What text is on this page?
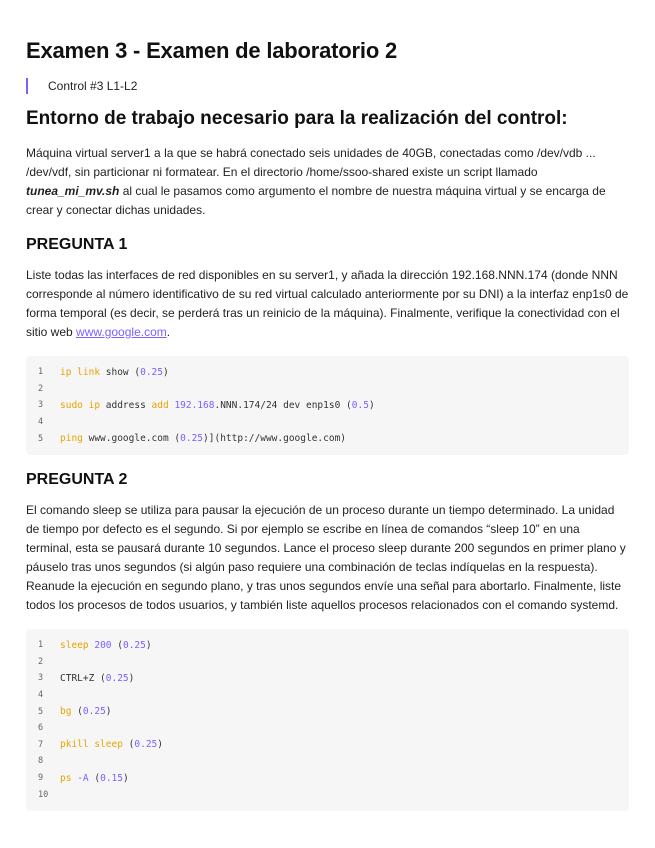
Examen 3 - Examen de laboratorio 2
Control #3 L1-L2
Entorno de trabajo necesario para la realización del control:

Máquina virtual server1 a la que se habrá conectado seis unidades de 40GB, conectadas como /dev/vdb ... /dev/vdf, sin particionar ni formatear. En el directorio /home/ssoo-shared existe un script llamado tunea_mi_mv.sh al cual le pasamos como argumento el nombre de nuestra máquina virtual y se encarga de crear y conectar dichas unidades.

PREGUNTA 1

Liste todas las interfaces de red disponibles en su server1, y añada la dirección 192.168.NNN.174 (donde NNN corresponde al número identificativo de su red virtual calculado anteriormente por su DNI) a la interfaz enp1s0 de forma temporal (es decir, se perderá tras un reinicio de la máquina). Finalmente, verifique la conectividad con el sitio web www.google.com.

1	ip link show (0.25)
2
3	sudo ip address add 192.168.NNN.174/24 dev enp1s0 (0.5)
4
5	ping www.google.com (0.25)](http://www.google.com)
PREGUNTA 2

El comando sleep se utiliza para pausar la ejecución de un proceso durante un tiempo determinado. La unidad de tiempo por defecto es el segundo. Si por ejemplo se escribe en línea de comandos “sleep 10” en una terminal, esta se pausará durante 10 segundos. Lance el proceso sleep durante 200 segundos en primer plano y páuselo tras unos segundos (si algún paso requiere una combinación de teclas indíquelas en la respuesta). Reanude la ejecución en segundo plano, y tras unos segundos envíe una señal para abortarlo. Finalmente, liste todos los procesos de todos usuarios, y también liste aquellos procesos relacionados con el comando systemd.

1	sleep 200 (0.25)
2
3	CTRL+Z (0.25)
4
5	bg (0.25)
6
7	pkill sleep (0.25)
8
9	ps -A (0.15)
10
